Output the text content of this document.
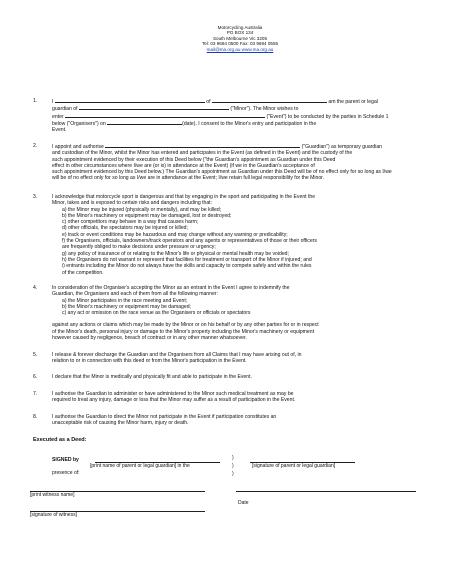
Motorcycling Australia
PO BOX 134
South Melbourne Vic 3205
Tel: 03 9684 0500 Fax: 03 9684 0555
mail@ma.org.au www.ma.org.au
1.	I	of	am the parent or legal
guardian of	("Minor"). The Minor wishes to
enter	("Event") to be conducted by the parties in Schedule 1
below ("Organisers") on	(date). I consent to the Minor's entry and participation in the
Event.
2.	I appoint and authorise	("Guardian") as temporary guardian
and custodian of the Minor, whilst the Minor has entered and participates in the Event (as defined in the Event) and the custody of the
such appointment evidenced by their execution of this Deed below ("the Guardian's appointment as Guardian under this Deed
effect in other circumstances where I/we are (or is) in attendance at the Event) (if we in the Guardian's acceptance of
such appointment evidenced by this Deed below.) The Guardian's appointment as Guardian under this Deed will be of no effect only for so long as I/we
will be of no effect only for so long as I/we are in attendance at the Event; I/we retain full legal responsibility for the Minor.
3.	I acknowledge that motorcycle sport is dangerous and that by engaging in the sport and participating in the Event the
Minor, takes and is exposed to certain risks and dangers including that:
a) the Minor may be injured (physically or mentally), and may be killed;
b) the Minor's machinery or equipment may be damaged, lost or destroyed;
c) other competitors may behave in a way that causes harm;
d) other officials, the spectators may be injured or killed;
e) track or event conditions may be hazardous and may change without any warning or predicability;
f) the Organisers, officials, landowners/track operators and any agents or representatives of those or their officers
are frequently obliged to make decisions under pressure or urgency;
g) any policy of insurance of or relating to the Minor's life or physical or mental health may be voided;
h) the Organisers do not warrant or represent that facilities for treatment or transport of the Minor if injured; and
i) entrants including the Minor do not always have the skills and capacity to compete safely and within the rules
of the competition.
4.	In consideration of the Organiser's accepting the Minor as an entrant in the Event I agree to indemnify the
Guardian, the Organisers and each of them from all the following manner:
a) the Minor participates in the race meeting and Event;
b) the Minor's machinery or equipment may be damaged;
c) any act or omission on the race venue as the Organisers or officials or spectators
against any actions or claims which may be made by the Minor or on his behalf or by any other parties for or in respect
of the Minor's death, personal injury or damage to the Minor's property including the Minor's machinery or equipment
however caused by negligence, breach of contract or in any other manner whatsoever.
5.	I release & forever discharge the Guardian and the Organisers from all Claims that I may have arising out of, in
relation to or in connection with this deed or from the Minor's participation in the Event.
6.	I declare that the Minor is medically and physically fit and able to participate in the Event.
7.	I authorise the Guardian to administer or have administered to the Minor such medical treatment as may be
required to treat any injury, damage or loss that the Minor may suffer as a result of participation in the Event.
8.	I authorise the Guardian to direct the Minor not participate in the Event if participation constitutes an
unacceptable risk of causing the Minor harm, injury or death.
Executed as a Deed:
SIGNED by
[print name of parent or legal guardian] in the
presence of:
)
)
)
[signature of parent or legal guardian]
[print witness name]
Date
[signature of witness]
